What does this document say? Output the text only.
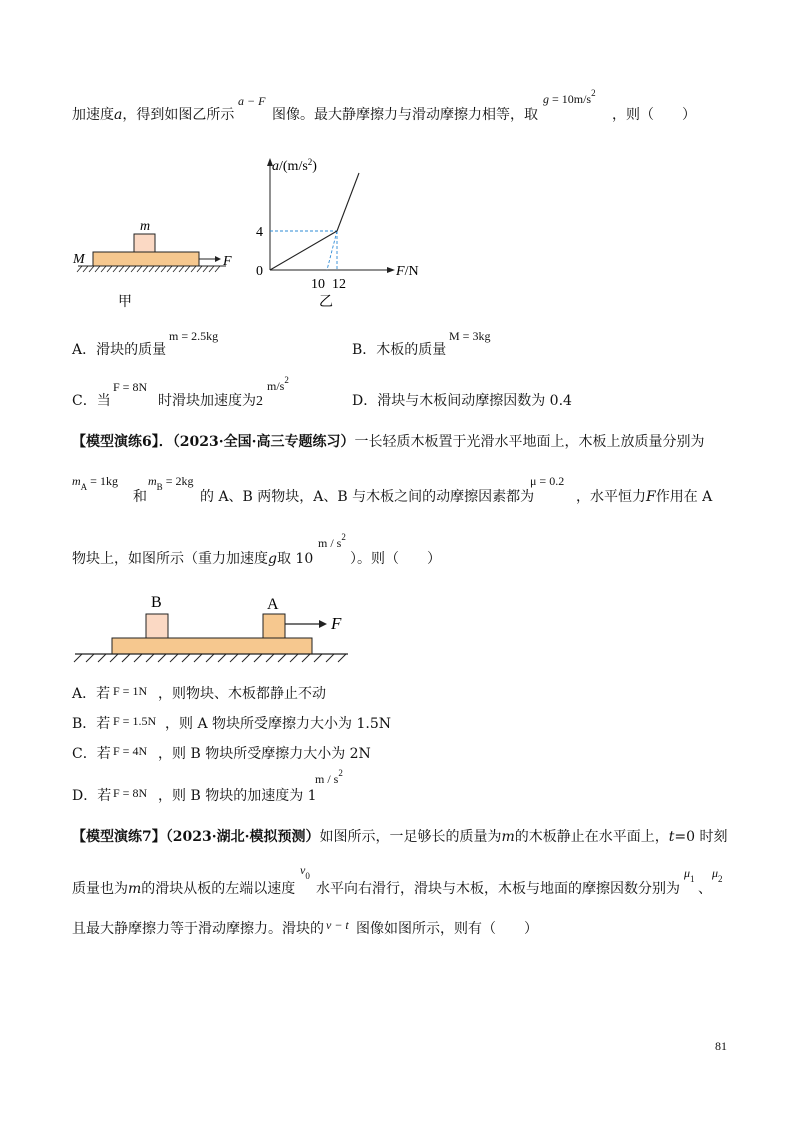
加速度a，得到如图乙所示
a − F
图像。最大静摩擦力与滑动摩擦力相等，取
$g = 10m/s^2$
，则（　　）
m
M	F
甲
$a/(m/s^2)$
F/N
0
4
10 12
乙
A．滑块的质量
m = 2.5kg
B．木板的质量
M = 3kg
C．当
F = 8N
时滑块加速度为2
$m/s^2$
D．滑块与木板间动摩擦因数为 0.4
【模型演练6】．（2023·全国·高三专题练习）一长轻质木板置于光滑水平地面上，木板上放质量分别为
$m_A = 1kg$
和
$m_B = 2kg$
的 A、B 两物块，A、B 与木板之间的动摩擦因素都为
μ = 0.2
，水平恒力F作用在 A
物块上，如图所示（重力加速度g取 10
m / $s^2$
）。则（　　）
B	A
F
A．若 F = 1N ，则物块、木板都静止不动
B．若 F = 1.5N ，则 A 物块所受摩擦力大小为 1.5N
C．若 F = 4N ，则 B 物块所受摩擦力大小为 2N
D．若 F = 8N ，则 B 物块的加速度为 1
m / $s^2$
【模型演练7】（2023·湖北·模拟预测）如图所示，一足够长的质量为m的木板静止在水平面上，t=0 时刻
质量也为m的滑块从板的左端以速度
$v_0$
水平向右滑行，滑块与木板，木板与地面的摩擦因数分别为
$\mu_1$
、
$\mu_2$
且最大静摩擦力等于滑动摩擦力。滑块的 v − t 图像如图所示，则有（　　）
81
